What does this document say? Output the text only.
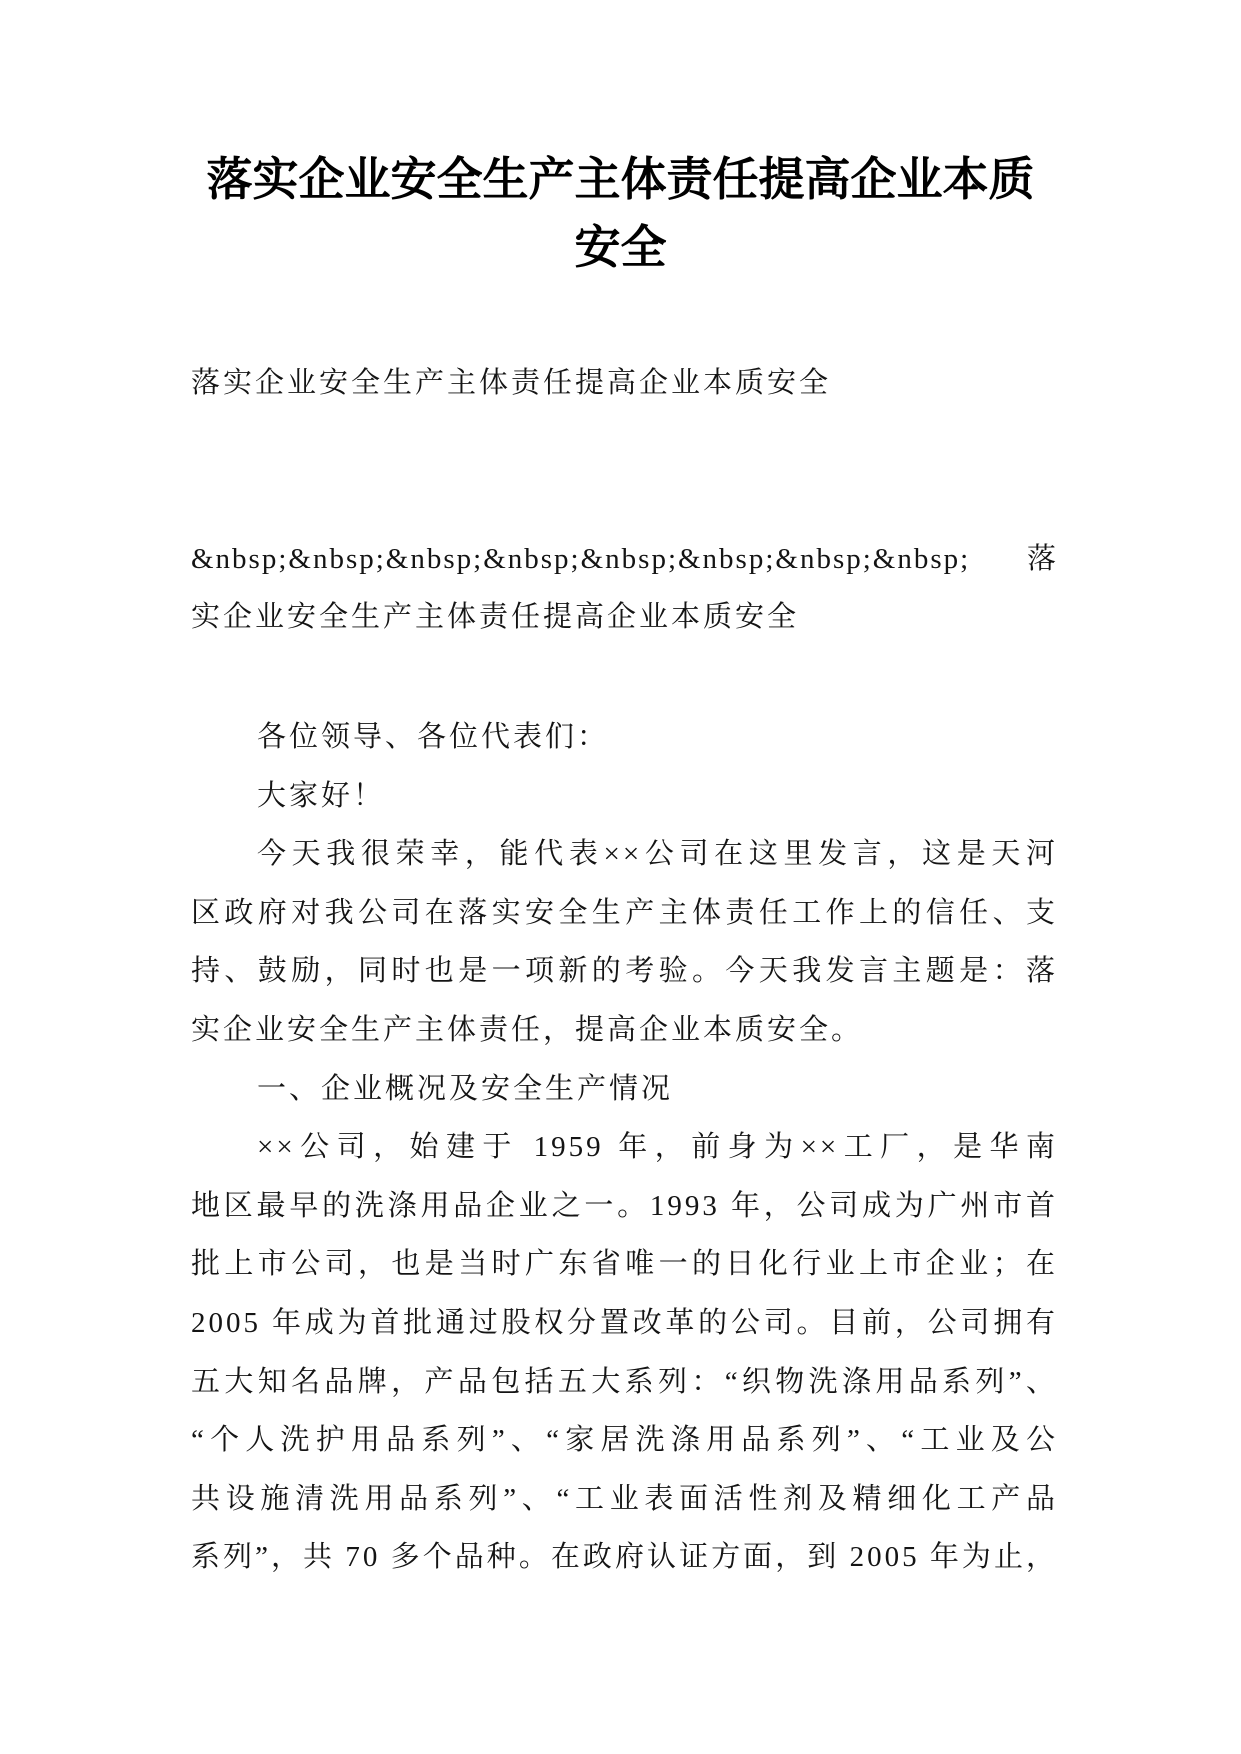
落实企业安全生产主体责任提高企业本质
安全
落实企业安全生产主体责任提高企业本质安全
&nbsp;&nbsp;&nbsp;&nbsp;&nbsp;&nbsp;&nbsp;&nbsp; 落
实企业安全生产主体责任提高企业本质安全
各位领导、各位代表们：
大家好！
今天我很荣幸，能代表××公司在这里发言，这是天河
区政府对我公司在落实安全生产主体责任工作上的信任、支
持、鼓励，同时也是一项新的考验。今天我发言主题是：落
实企业安全生产主体责任，提高企业本质安全。
一、企业概况及安全生产情况
××公司，始建于 1959 年，前身为××工厂，是华南
地区最早的洗涤用品企业之一。1993 年，公司成为广州市首
批上市公司，也是当时广东省唯一的日化行业上市企业；在
2005 年成为首批通过股权分置改革的公司。目前，公司拥有
五大知名品牌，产品包括五大系列：“织物洗涤用品系列”、
“个人洗护用品系列”、“家居洗涤用品系列”、“工业及公
共设施清洗用品系列”、“工业表面活性剂及精细化工产品
系列”，共 70 多个品种。在政府认证方面，到 2005 年为止，
